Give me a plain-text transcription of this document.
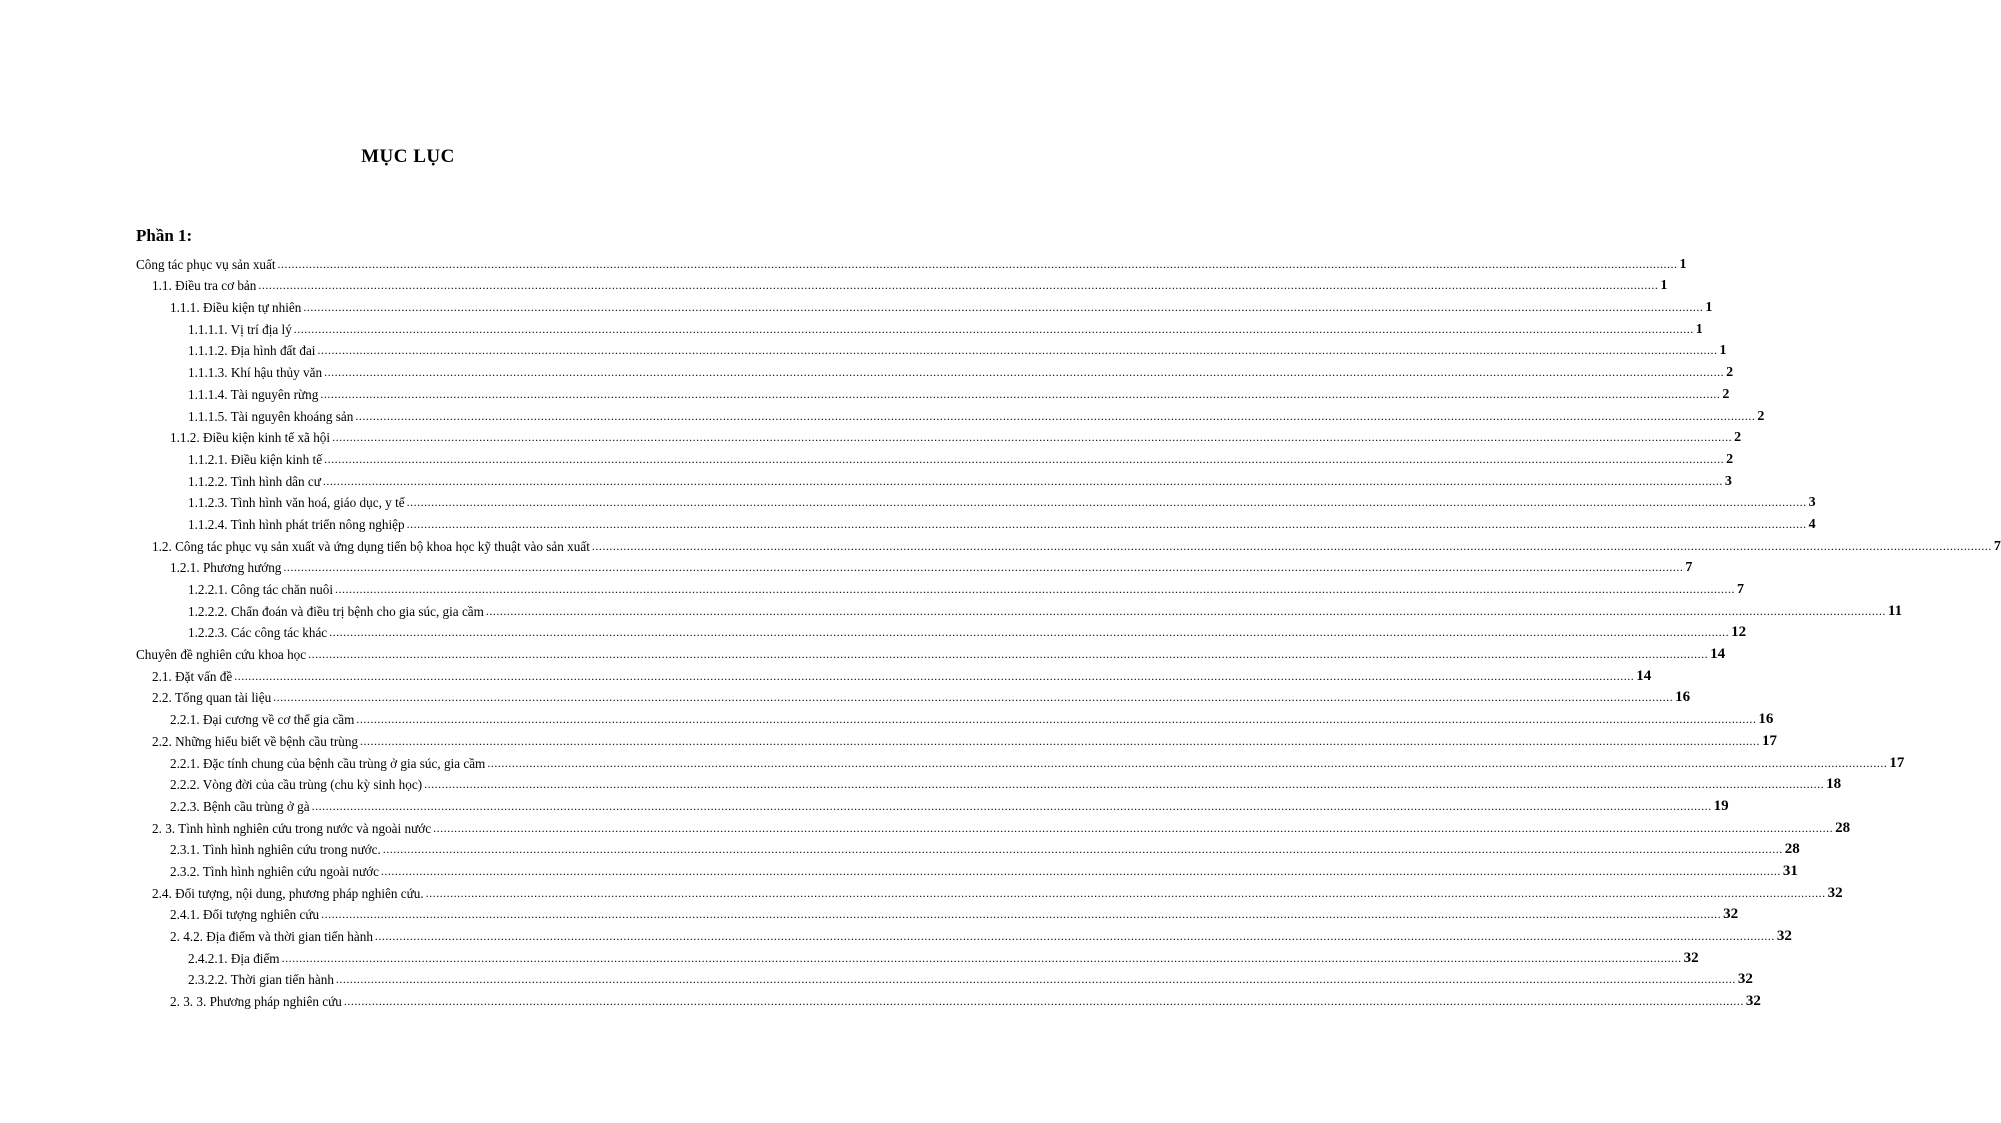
MỤC LỤC
Phần 1:
Công tác phục vụ sản xuất ................................................................................................................................................................................................................................................................................................................................................................................................................ 1
1.1. Điều tra cơ bản ................................................................................................................................................................................................................................................................................................................................................................................................................ 1
1.1.1. Điều kiện tự nhiên ................................................................................................................................................................................................................................................................................................................................................................................................................ 1
1.1.1.1. Vị trí địa lý ................................................................................................................................................................................................................................................................................................................................................................................................................ 1
1.1.1.2. Địa hình đất đai ................................................................................................................................................................................................................................................................................................................................................................................................................ 1
1.1.1.3. Khí hậu thủy văn ................................................................................................................................................................................................................................................................................................................................................................................................................ 2
1.1.1.4. Tài nguyên rừng ................................................................................................................................................................................................................................................................................................................................................................................................................ 2
1.1.1.5. Tài nguyên khoáng sản ................................................................................................................................................................................................................................................................................................................................................................................................................ 2
1.1.2. Điều kiện kinh tế xã hội ................................................................................................................................................................................................................................................................................................................................................................................................................ 2
1.1.2.1. Điều kiện kinh tế ................................................................................................................................................................................................................................................................................................................................................................................................................ 2
1.1.2.2. Tình hình dân cư ................................................................................................................................................................................................................................................................................................................................................................................................................ 3
1.1.2.3. Tình hình văn hoá, giáo dục, y tế ................................................................................................................................................................................................................................................................................................................................................................................................................ 3
1.1.2.4. Tình hình phát triển nông nghiệp ................................................................................................................................................................................................................................................................................................................................................................................................................ 4
1.2. Công tác phục vụ sản xuất và ứng dụng tiến bộ khoa học kỹ thuật vào sản xuất ................................................................................................................................................................................................................................................................................................................................................................................................................ 7
1.2.1. Phương hướng ................................................................................................................................................................................................................................................................................................................................................................................................................ 7
1.2.2.1. Công tác chăn nuôi ................................................................................................................................................................................................................................................................................................................................................................................................................ 7
1.2.2.2. Chẩn đoán và điều trị bệnh cho gia súc, gia cầm ................................................................................................................................................................................................................................................................................................................................................................................................................ 11
1.2.2.3. Các công tác khác ................................................................................................................................................................................................................................................................................................................................................................................................................ 12
Chuyên đề nghiên cứu khoa học ................................................................................................................................................................................................................................................................................................................................................................................................................ 14
2.1. Đặt vấn đề ................................................................................................................................................................................................................................................................................................................................................................................................................ 14
2.2. Tổng quan tài liệu ................................................................................................................................................................................................................................................................................................................................................................................................................ 16
2.2.1. Đại cương về cơ thể gia cầm ................................................................................................................................................................................................................................................................................................................................................................................................................ 16
2.2. Những hiểu biết về bệnh cầu trùng ................................................................................................................................................................................................................................................................................................................................................................................................................ 17
2.2.1. Đặc tính chung của bệnh cầu trùng ở gia súc, gia cầm ................................................................................................................................................................................................................................................................................................................................................................................................................ 17
2.2.2. Vòng đời của cầu trùng (chu kỳ sinh học) ................................................................................................................................................................................................................................................................................................................................................................................................................ 18
2.2.3. Bệnh cầu trùng ở gà ................................................................................................................................................................................................................................................................................................................................................................................................................ 19
2. 3. Tình hình nghiên cứu trong nước và ngoài nước ................................................................................................................................................................................................................................................................................................................................................................................................................ 28
2.3.1. Tình hình nghiên cứu trong nước. ................................................................................................................................................................................................................................................................................................................................................................................................................ 28
2.3.2. Tình hình nghiên cứu ngoài nước ................................................................................................................................................................................................................................................................................................................................................................................................................ 31
2.4. Đối tượng, nội dung, phương pháp nghiên cứu. ................................................................................................................................................................................................................................................................................................................................................................................................................ 32
2.4.1. Đối tượng nghiên cứu ................................................................................................................................................................................................................................................................................................................................................................................................................ 32
2. 4.2. Địa điểm và thời gian tiến hành ................................................................................................................................................................................................................................................................................................................................................................................................................ 32
2.4.2.1. Địa điểm ................................................................................................................................................................................................................................................................................................................................................................................................................ 32
2.3.2.2. Thời gian tiến hành ................................................................................................................................................................................................................................................................................................................................................................................................................ 32
2. 3. 3. Phương pháp nghiên cứu ................................................................................................................................................................................................................................................................................................................................................................................................................ 32
